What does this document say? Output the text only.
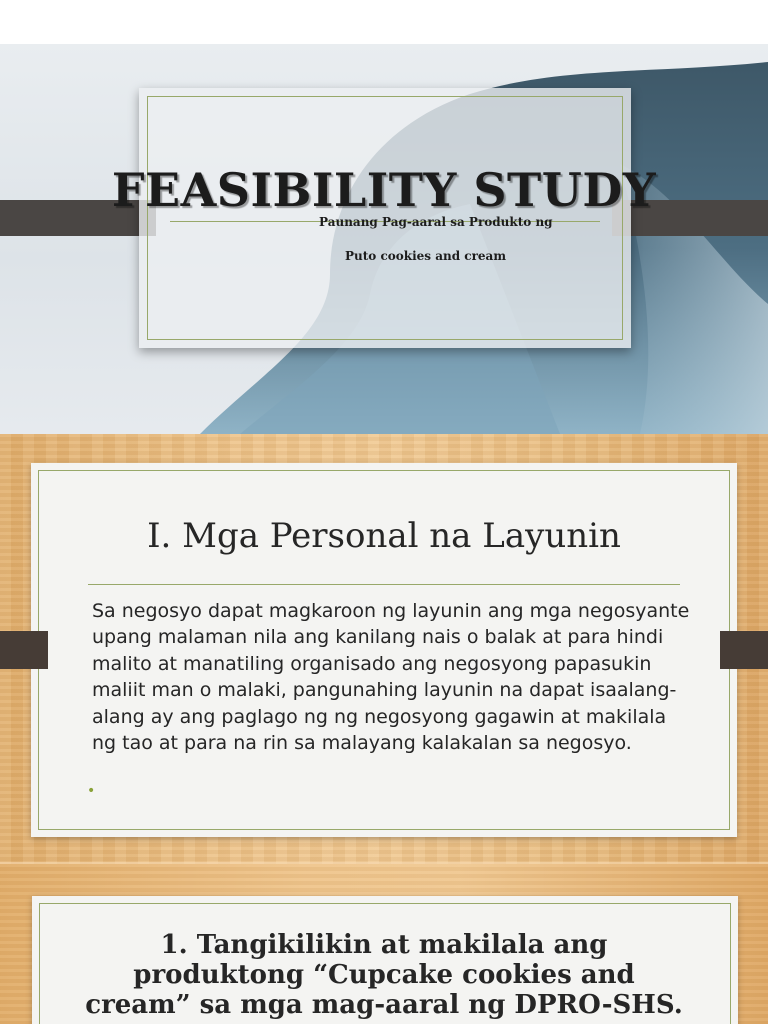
FEASIBILITY STUDY
Paunang Pag-aaral sa Produkto ng
Puto cookies and cream
I. Mga Personal na Layunin

Sa negosyo dapat magkaroon ng layunin ang mga negosyante upang malaman nila ang kanilang nais o balak at para hindi malito at manatiling organisado ang negosyong papasukin maliit man o malaki, pangunahing layunin na dapat isaalang-alang ay ang paglago ng ng negosyong gagawin at makilala ng tao at para na rin sa malayang kalakalan sa negosyo.

•
1. Tangikilikin at makilala ang
produktong “Cupcake cookies and
cream” sa mga mag-aaral ng DPRO-SHS.
